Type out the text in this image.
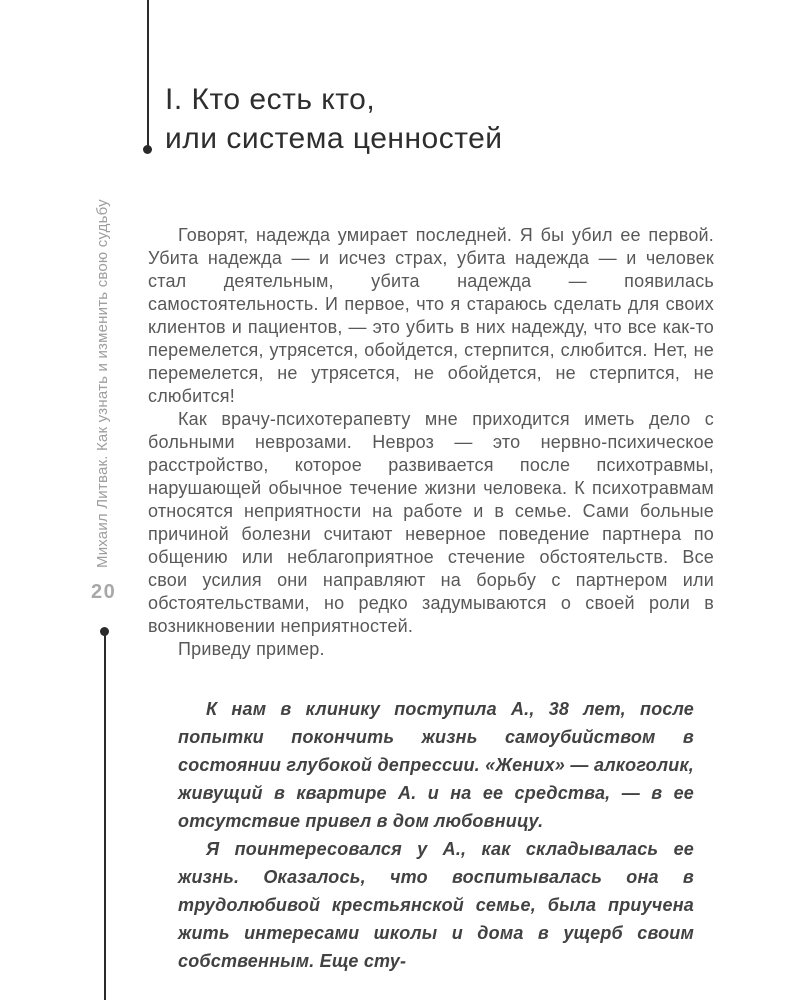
I. Кто есть кто,
или система ценностей
Михаил Литвак. Как узнать и изменить свою судьбу
20

Говорят, надежда умирает последней. Я бы убил ее первой. Убита надежда — и исчез страх, убита надежда — и человек стал деятельным, убита надежда — появилась самостоятельность. И первое, что я стараюсь сделать для своих клиентов и пациентов, — это убить в них надежду, что все как-то перемелется, утрясется, обойдется, стерпится, слюбится. Нет, не перемелется, не утрясется, не обойдется, не стерпится, не слюбится!

Как врачу-психотерапевту мне приходится иметь дело с больными неврозами. Невроз — это нервно-психическое расстройство, которое развивается после психотравмы, нарушающей обычное течение жизни человека. К психотравмам относятся неприятности на работе и в семье. Сами больные причиной болезни считают неверное поведение партнера по общению или неблагоприятное стечение обстоятельств. Все свои усилия они направляют на борьбу с партнером или обстоятельствами, но редко задумываются о своей роли в возникновении неприятностей.

Приведу пример.

К нам в клинику поступила А., 38 лет, после попытки покончить жизнь самоубийством в состоянии глубокой депрессии. «Жених» — алкоголик, живущий в квартире А. и на ее средства, — в ее отсутствие привел в дом любовницу.

Я поинтересовался у А., как складывалась ее жизнь. Оказалось, что воспитывалась она в трудолюбивой крестьянской семье, была приучена жить интересами школы и дома в ущерб своим собственным. Еще сту-
